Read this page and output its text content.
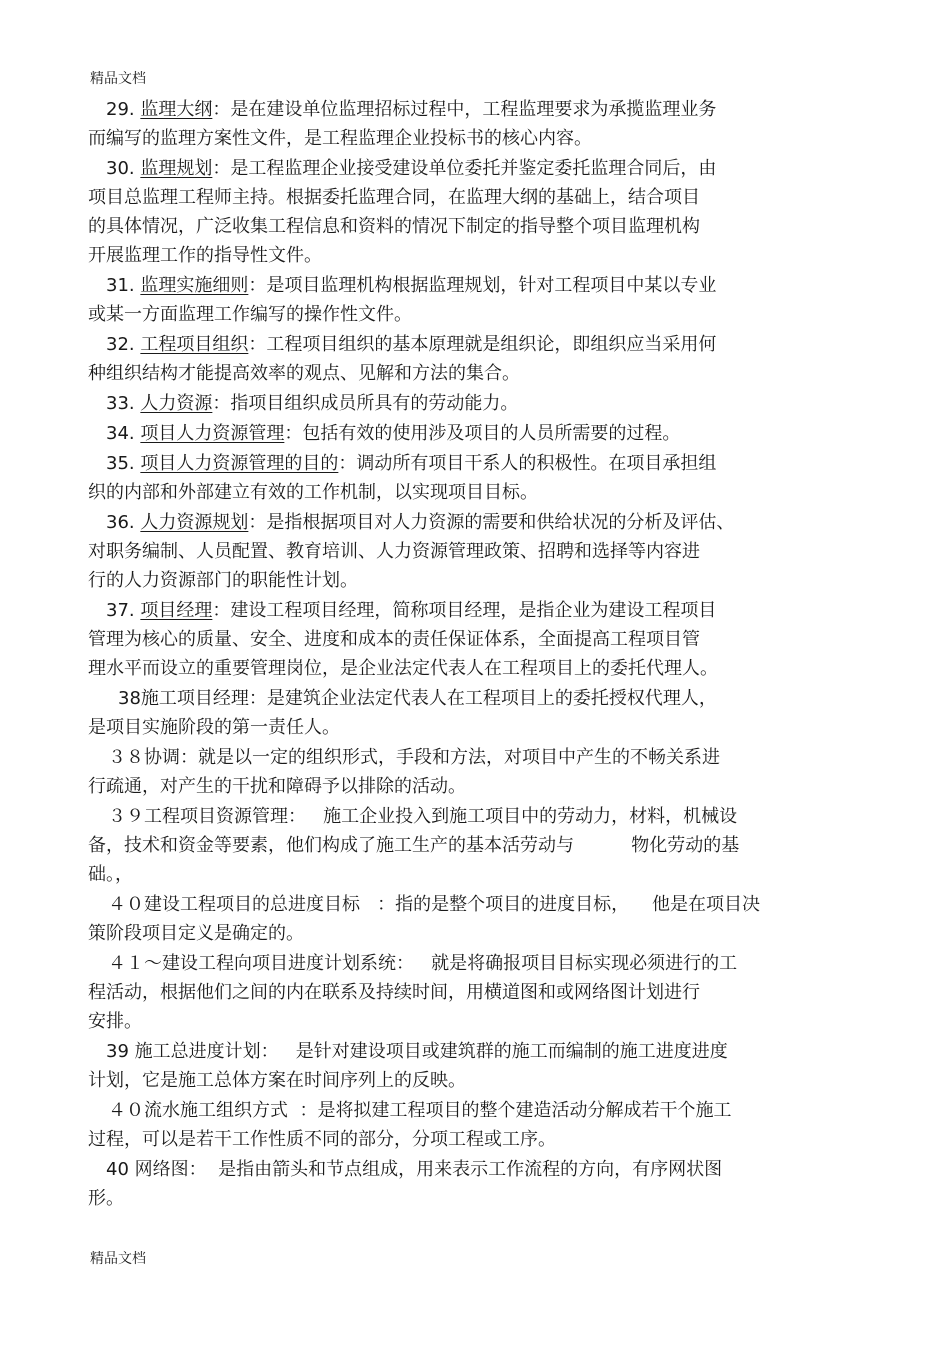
精品文档
29. 监理大纲：是在建设单位监理招标过程中，工程监理要求为承揽监理业务
而编写的监理方案性文件，是工程监理企业投标书的核心内容。
30. 监理规划：是工程监理企业接受建设单位委托并鉴定委托监理合同后，由
项目总监理工程师主持。根据委托监理合同，在监理大纲的基础上，结合项目
的具体情况，广泛收集工程信息和资料的情况下制定的指导整个项目监理机构
开展监理工作的指导性文件。
31. 监理实施细则：是项目监理机构根据监理规划，针对工程项目中某以专业
或某一方面监理工作编写的操作性文件。
32. 工程项目组织：工程项目组织的基本原理就是组织论，即组织应当采用何
种组织结构才能提高效率的观点、见解和方法的集合。
33. 人力资源：指项目组织成员所具有的劳动能力。
34. 项目人力资源管理：包括有效的使用涉及项目的人员所需要的过程。
35. 项目人力资源管理的目的：调动所有项目干系人的积极性。在项目承担组
织的内部和外部建立有效的工作机制，以实现项目目标。
36. 人力资源规划：是指根据项目对人力资源的需要和供给状况的分析及评估、
对职务编制、人员配置、教育培训、人力资源管理政策、招聘和选择等内容进
行的人力资源部门的职能性计划。
37. 项目经理：建设工程项目经理，简称项目经理，是指企业为建设工程项目
管理为核心的质量、安全、进度和成本的责任保证体系，全面提高工程项目管
理水平而设立的重要管理岗位，是企业法定代表人在工程项目上的委托代理人。
38施工项目经理：是建筑企业法定代表人在工程项目上的委托授权代理人，
是项目实施阶段的第一责任人。
３８协调：就是以一定的组织形式，手段和方法，对项目中产生的不畅关系进
行疏通，对产生的干扰和障碍予以排除的活动。
３９工程项目资源管理：   施工企业投入到施工项目中的劳动力，材料，机械设
备，技术和资金等要素，他们构成了施工生产的基本活劳动与          物化劳动的基
础。，
４０建设工程项目的总进度目标   ：指的是整个项目的进度目标，    他是在项目决
策阶段项目定义是确定的。
４１～建设工程向项目进度计划系统：   就是将确报项目目标实现必须进行的工
程活动，根据他们之间的内在联系及持续时间，用横道图和或网络图计划进行
安排。
39 施工总进度计划：   是针对建设项目或建筑群的施工而编制的施工进度进度
计划，它是施工总体方案在时间序列上的反映。
４０流水施工组织方式  ：是将拟建工程项目的整个建造活动分解成若干个施工
过程，可以是若干工作性质不同的部分，分项工程或工序。
40 网络图：  是指由箭头和节点组成，用来表示工作流程的方向，有序网状图
形。
精品文档
